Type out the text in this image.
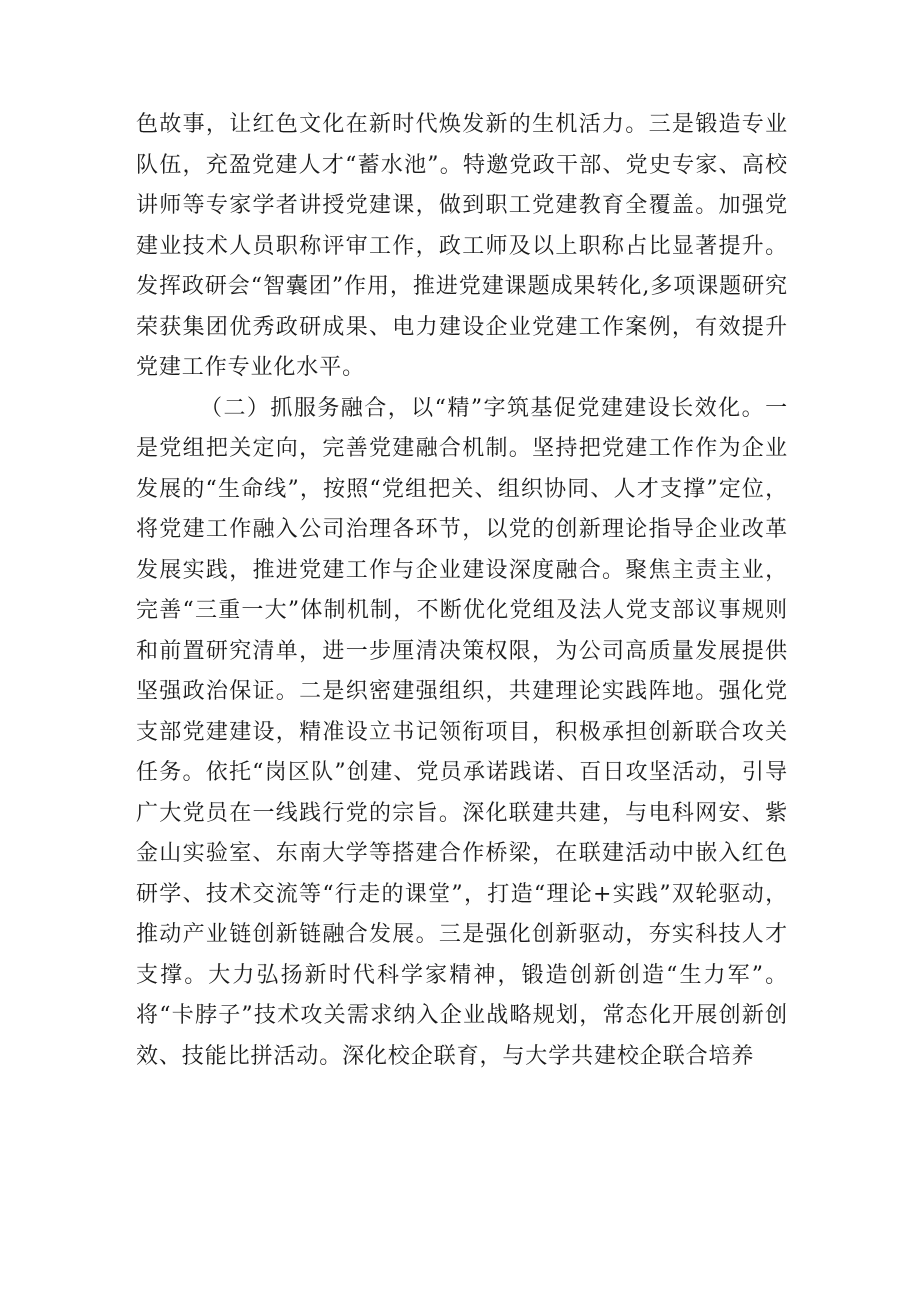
色故事，让红色文化在新时代焕发新的生机活力。三是锻造专业队伍，充盈党建人才“蓄水池”。特邀党政干部、党史专家、高校讲师等专家学者讲授党建课，做到职工党建教育全覆盖。加强党建业技术人员职称评审工作，政工师及以上职称占比显著提升。发挥政研会“智囊团”作用，推进党建课题成果转化,多项课题研究荣获集团优秀政研成果、电力建设企业党建工作案例，有效提升党建工作专业化水平。

（二）抓服务融合，以“精”字筑基促党建建设长效化。一是党组把关定向，完善党建融合机制。坚持把党建工作作为企业发展的“生命线”，按照“党组把关、组织协同、人才支撑”定位，将党建工作融入公司治理各环节，以党的创新理论指导企业改革发展实践，推进党建工作与企业建设深度融合。聚焦主责主业，完善“三重一大”体制机制，不断优化党组及法人党支部议事规则和前置研究清单，进一步厘清决策权限，为公司高质量发展提供坚强政治保证。二是织密建强组织，共建理论实践阵地。强化党支部党建建设，精准设立书记领衔项目，积极承担创新联合攻关任务。依托“岗区队”创建、党员承诺践诺、百日攻坚活动，引导广大党员在一线践行党的宗旨。深化联建共建，与电科网安、紫金山实验室、东南大学等搭建合作桥梁，在联建活动中嵌入红色研学、技术交流等“行走的课堂”，打造“理论+实践”双轮驱动，推动产业链创新链融合发展。三是强化创新驱动，夯实科技人才支撑。大力弘扬新时代科学家精神，锻造创新创造“生力军”。将“卡脖子”技术攻关需求纳入企业战略规划，常态化开展创新创效、技能比拼活动。深化校企联育，与大学共建校企联合培养
